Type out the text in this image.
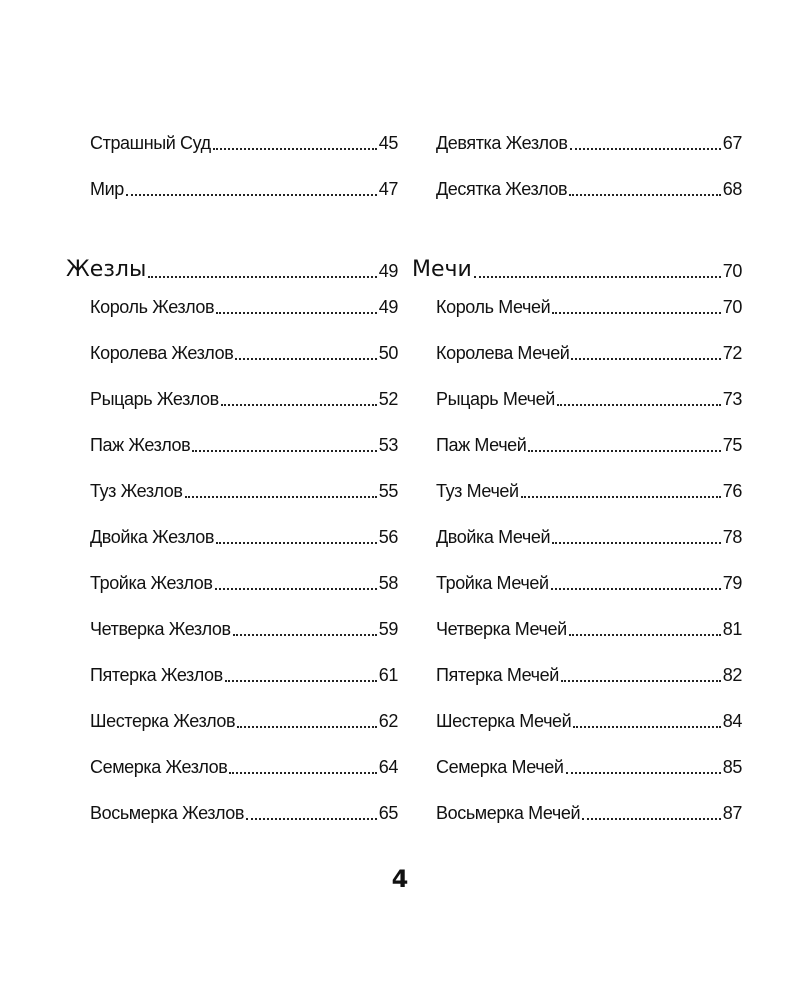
Страшный Суд	45
Мир	47
Жезлы	49
Король Жезлов	49
Королева Жезлов	50
Рыцарь Жезлов	52
Паж Жезлов	53
Туз Жезлов	55
Двойка Жезлов	56
Тройка Жезлов	58
Четверка Жезлов	59
Пятерка Жезлов	61
Шестерка Жезлов	62
Семерка Жезлов	64
Восьмерка Жезлов	65
Девятка Жезлов	67
Десятка Жезлов	68
Мечи	70
Король Мечей	70
Королева Мечей	72
Рыцарь Мечей	73
Паж Мечей	75
Туз Мечей	76
Двойка Мечей	78
Тройка Мечей	79
Четверка Мечей	81
Пятерка Мечей	82
Шестерка Мечей	84
Семерка Мечей	85
Восьмерка Мечей	87
4
